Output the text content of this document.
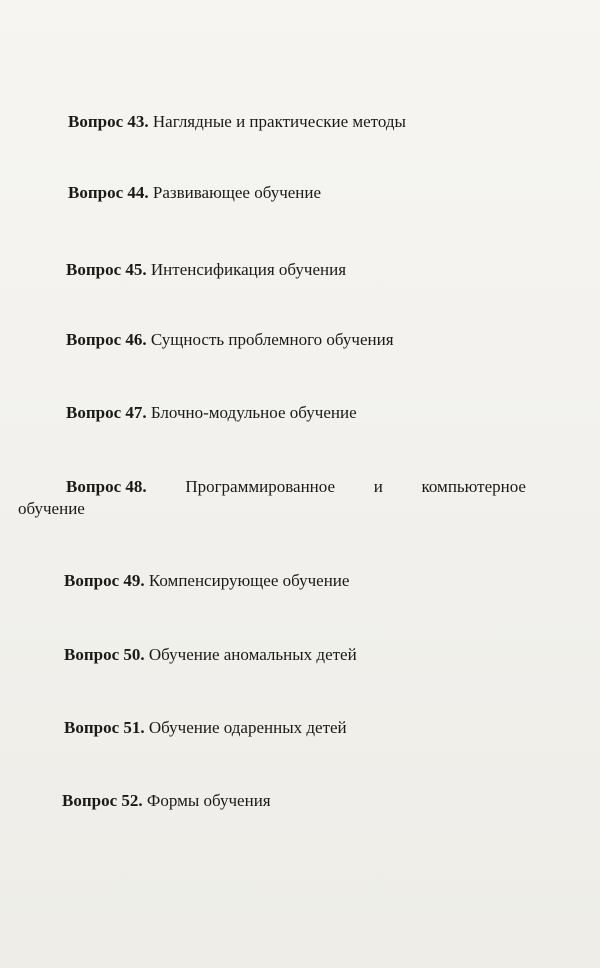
Вопрос 43. Наглядные и практические методы
Вопрос 44. Развивающее обучение
Вопрос 45. Интенсификация обучения
Вопрос 46. Сущность проблемного обучения
Вопрос 47. Блочно-модульное обучение
Вопрос 48. Программированное и компьютерное
обучение
Вопрос 49. Компенсирующее обучение
Вопрос 50. Обучение аномальных детей
Вопрос 51. Обучение одаренных детей
Вопрос 52. Формы обучения
